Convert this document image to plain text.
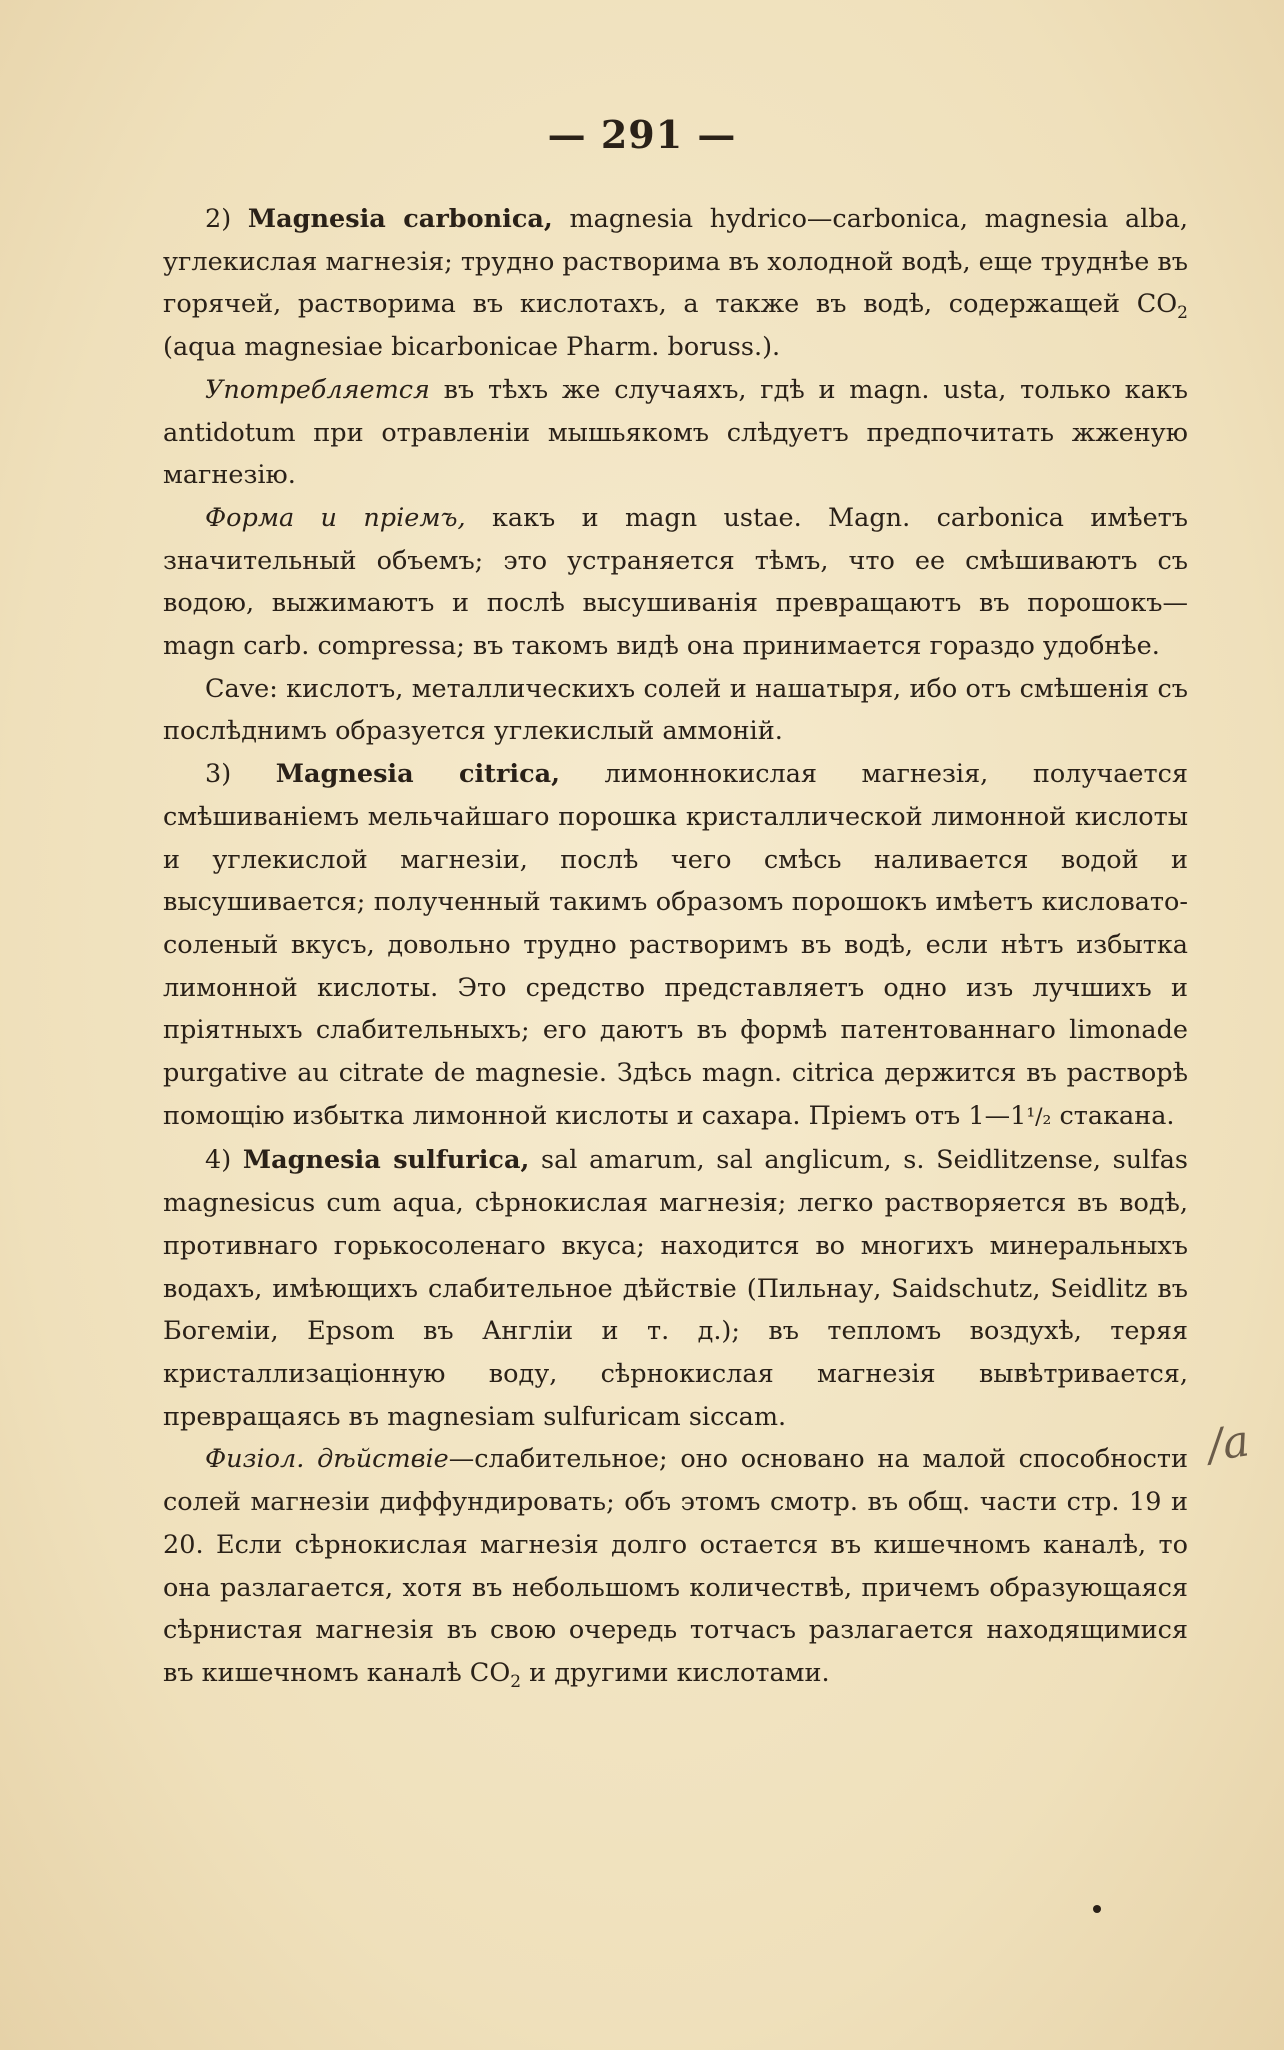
— 291 —

2) Magnesia carbonica, magnesia hydrico—carbonica, magnesia alba, углекислая магнезія; трудно растворима въ холодной водѣ, еще труднѣе въ горячей, растворима въ кислотахъ, а также въ водѣ, содержащей $CO_2$ (aqua magnesiae bicarbonicae Pharm. boruss.).

Употребляется въ тѣхъ же случаяхъ, гдѣ и magn. usta, только какъ antidotum при отравленіи мышьякомъ слѣдуетъ предпочитать жженую магнезію.

Форма и пріемъ, какъ и magn ustae. Magn. carbonica имѣетъ значительный объемъ; это устраняется тѣмъ, что ее смѣшиваютъ съ водою, выжимаютъ и послѣ высушиванія превращаютъ въ порошокъ— magn carb. compressa; въ такомъ видѣ она принимается гораздо удобнѣе.

Cave: кислотъ, металлическихъ солей и нашатыря, ибо отъ смѣшенія съ послѣднимъ образуется углекислый аммоній.

3) Magnesia citrica, лимоннокислая магнезія, получается смѣшиваніемъ мельчайшаго порошка кристаллической лимонной кислоты и углекислой магнезіи, послѣ чего смѣсь наливается водой и высушивается; полученный такимъ образомъ порошокъ имѣетъ кисловато-соленый вкусъ, довольно трудно растворимъ въ водѣ, если нѣтъ избытка лимонной кислоты. Это средство представляетъ одно изъ лучшихъ и пріятныхъ слабительныхъ; его даютъ въ формѣ патентованнаго limonade purgative au citrate de magnesie. Здѣсь magn. citrica держится въ растворѣ помощію избытка лимонной кислоты и сахара. Пріемъ отъ 1—1¹/₂ стакана.

4) Magnesia sulfurica, sal amarum, sal anglicum, s. Seidlitzense, sulfas magnesicus cum aqua, сѣрнокислая магнезія; легко растворяется въ водѣ, противнаго горькосоленаго вкуса; находится во многихъ минеральныхъ водахъ, имѣющихъ слабительное дѣйствіе (Пильнау, Saidschutz, Seidlitz въ Богеміи, Epsom въ Англіи и т. д.); въ тепломъ воздухѣ, теряя кристаллизаціонную воду, сѣрнокислая магнезія вывѣтривается, превращаясь въ magnesiam sulfuricam siccam.

Физіол. дѣйствіе—слабительное; оно основано на малой способности солей магнезіи диффундировать; объ этомъ смотр. въ общ. части стр. 19 и 20. Если сѣрнокислая магнезія долго остается въ кишечномъ каналѣ, то она разлагается, хотя въ небольшомъ количествѣ, причемъ образующаяся сѣрнистая магнезія въ свою очередь тотчасъ разлагается находящимися въ кишечномъ каналѣ $CO_2$ и другими кислотами.

/a
